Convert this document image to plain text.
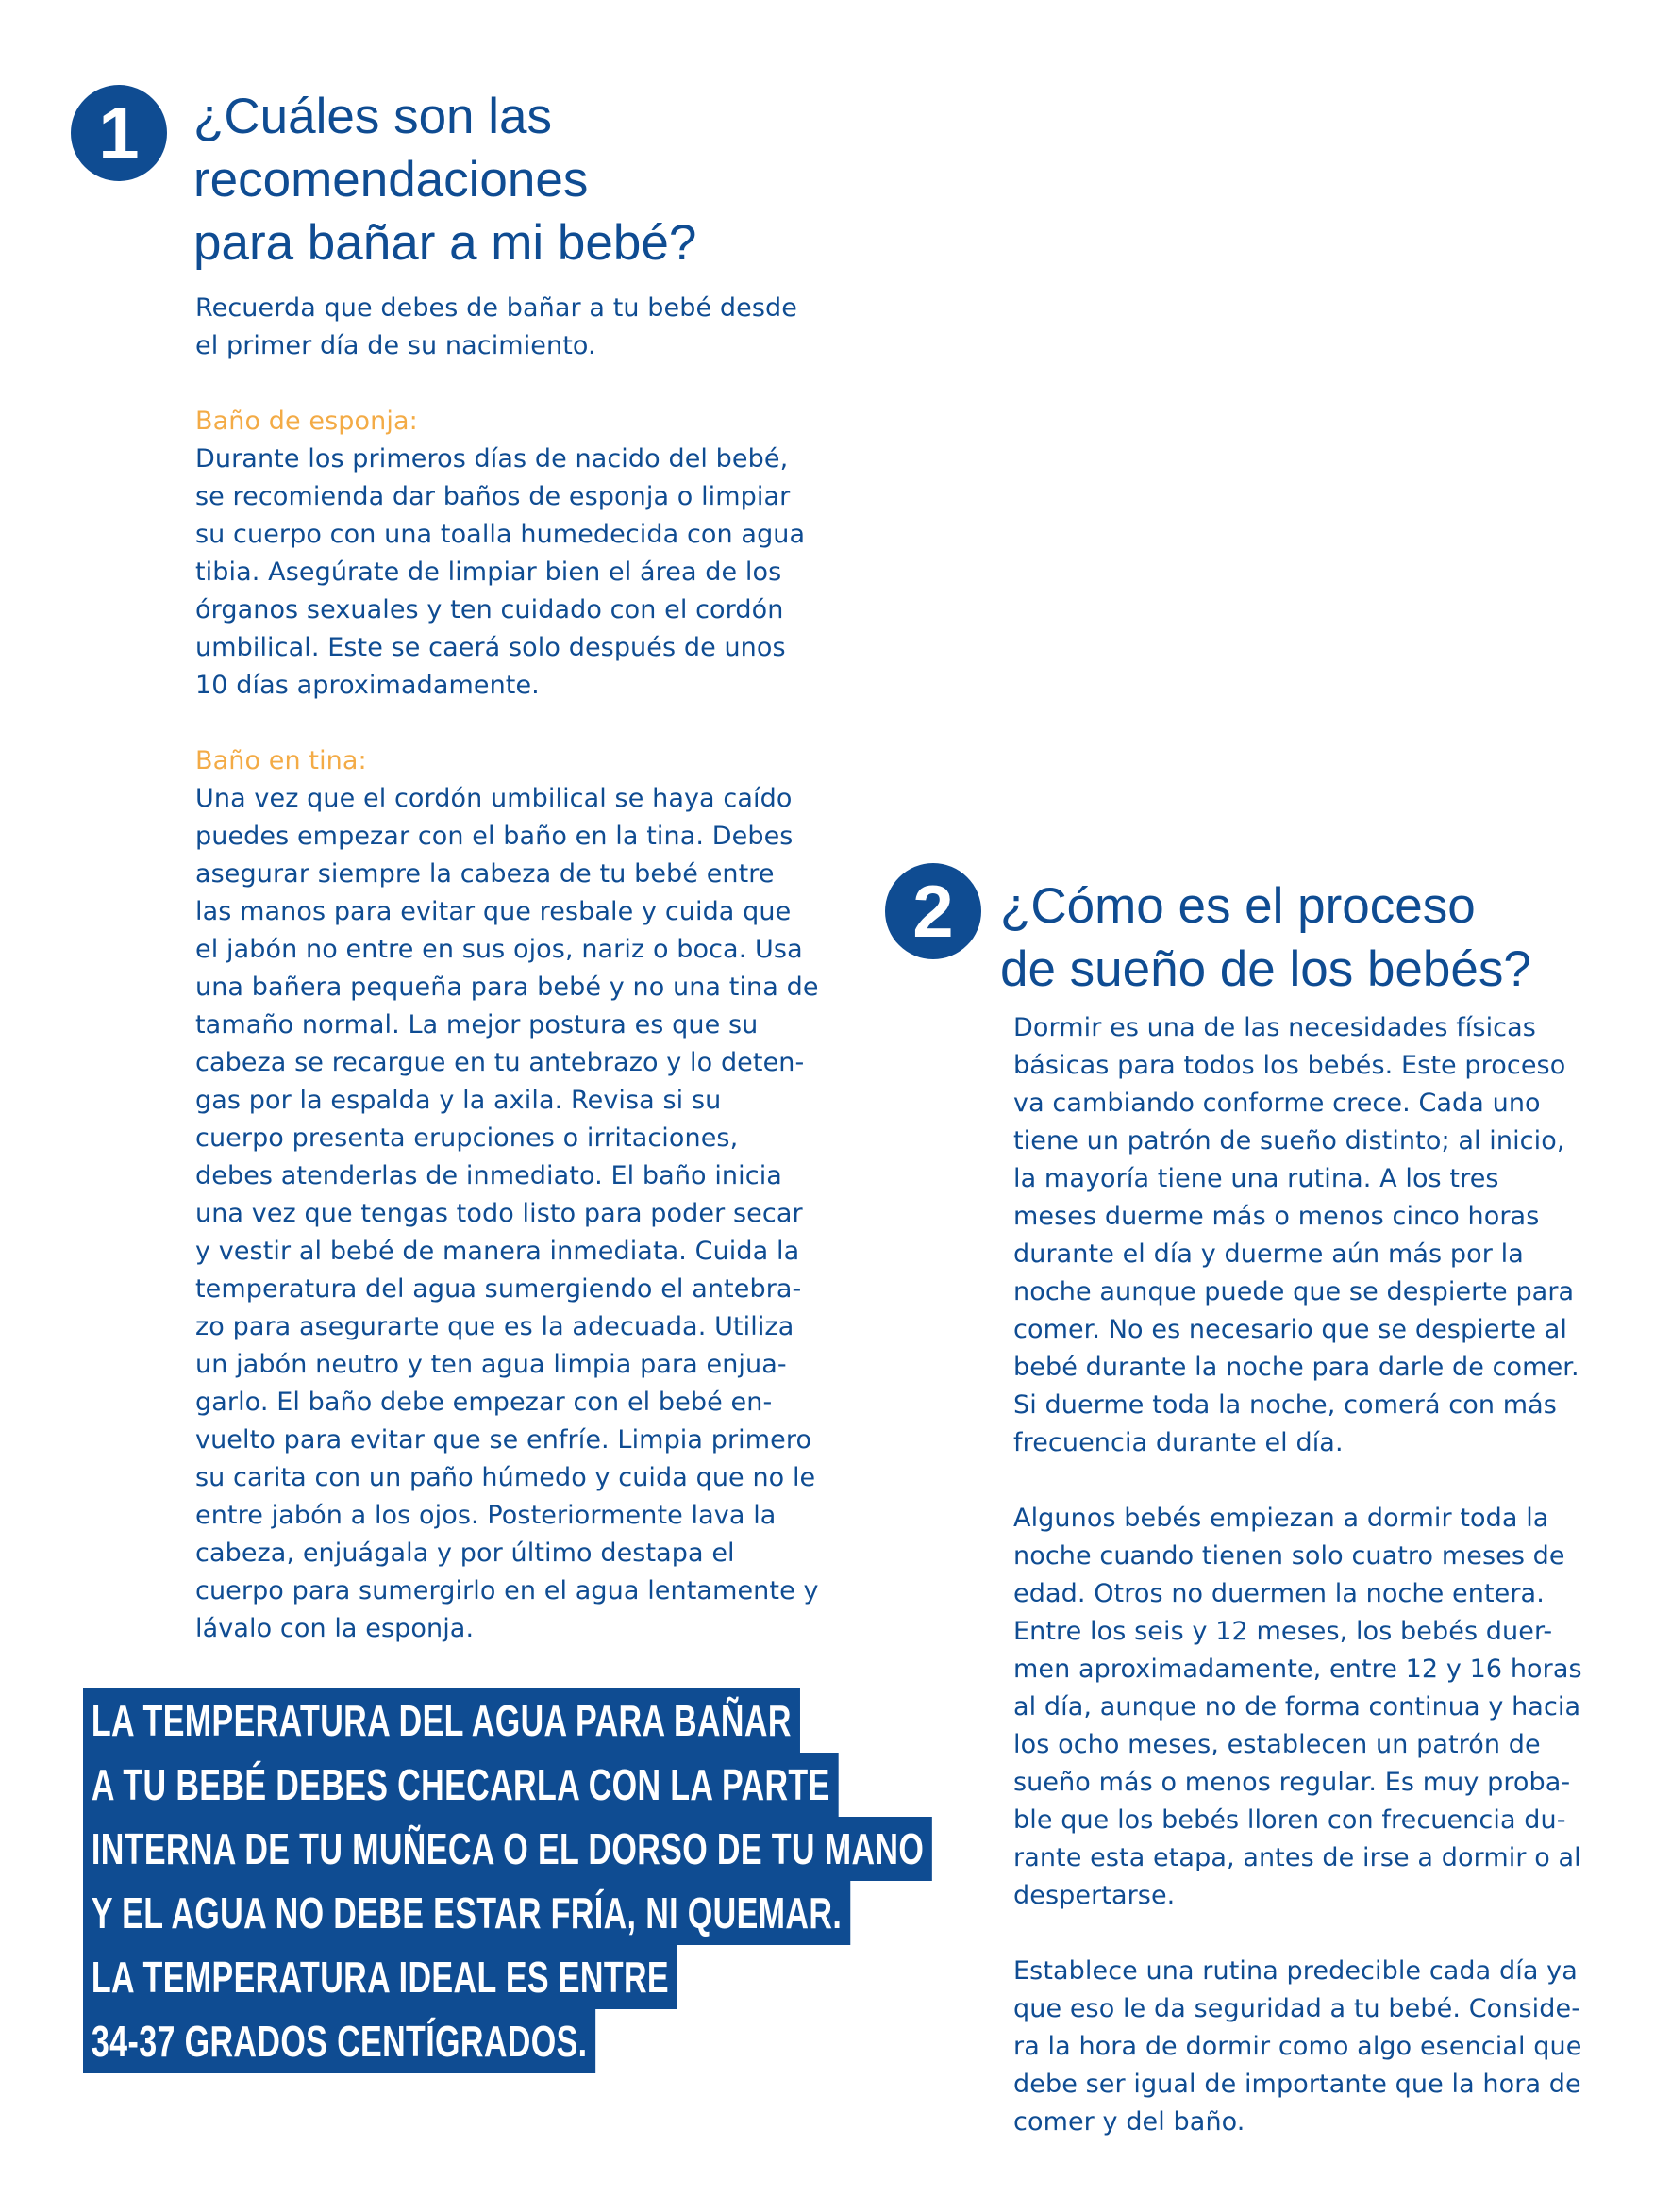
1	¿Cuáles son las
recomendaciones
para bañar a mi bebé?

Recuerda que debes de bañar a tu bebé desde
el primer día de su nacimiento.

Baño de esponja:
Durante los primeros días de nacido del bebé,
se recomienda dar baños de esponja o limpiar
su cuerpo con una toalla humedecida con agua
tibia. Asegúrate de limpiar bien el área de los
órganos sexuales y ten cuidado con el cordón
umbilical. Este se caerá solo después de unos
10 días aproximadamente.

Baño en tina:
Una vez que el cordón umbilical se haya caído
puedes empezar con el baño en la tina. Debes
asegurar siempre la cabeza de tu bebé entre
las manos para evitar que resbale y cuida que
el jabón no entre en sus ojos, nariz o boca. Usa
una bañera pequeña para bebé y no una tina de
tamaño normal. La mejor postura es que su
cabeza se recargue en tu antebrazo y lo deten-
gas por la espalda y la axila. Revisa si su
cuerpo presenta erupciones o irritaciones,
debes atenderlas de inmediato. El baño inicia
una vez que tengas todo listo para poder secar
y vestir al bebé de manera inmediata. Cuida la
temperatura del agua sumergiendo el antebra-
zo para asegurarte que es la adecuada. Utiliza
un jabón neutro y ten agua limpia para enjua-
garlo. El baño debe empezar con el bebé en-
vuelto para evitar que se enfríe. Limpia primero
su carita con un paño húmedo y cuida que no le
entre jabón a los ojos. Posteriormente lava la
cabeza, enjuágala y por último destapa el
cuerpo para sumergirlo en el agua lentamente y
lávalo con la esponja.

LA TEMPERATURA DEL AGUA PARA BAÑAR
A TU BEBÉ DEBES CHECARLA CON LA PARTE
INTERNA DE TU MUÑECA O EL DORSO DE TU MANO
Y EL AGUA NO DEBE ESTAR FRÍA, NI QUEMAR.
LA TEMPERATURA IDEAL ES ENTRE
34-37 GRADOS CENTÍGRADOS.
2 ¿Cómo es el proceso
de sueño de los bebés?

Dormir es una de las necesidades físicas
básicas para todos los bebés. Este proceso
va cambiando conforme crece. Cada uno
tiene un patrón de sueño distinto; al inicio,
la mayoría tiene una rutina. A los tres
meses duerme más o menos cinco horas
durante el día y duerme aún más por la
noche aunque puede que se despierte para
comer. No es necesario que se despierte al
bebé durante la noche para darle de comer.
Si duerme toda la noche, comerá con más
frecuencia durante el día.

Algunos bebés empiezan a dormir toda la
noche cuando tienen solo cuatro meses de
edad. Otros no duermen la noche entera.
Entre los seis y 12 meses, los bebés duer-
men aproximadamente, entre 12 y 16 horas
al día, aunque no de forma continua y hacia
los ocho meses, establecen un patrón de
sueño más o menos regular. Es muy proba-
ble que los bebés lloren con frecuencia du-
rante esta etapa, antes de irse a dormir o al
despertarse.

Establece una rutina predecible cada día ya
que eso le da seguridad a tu bebé. Conside-
ra la hora de dormir como algo esencial que
debe ser igual de importante que la hora de
comer y del baño.
